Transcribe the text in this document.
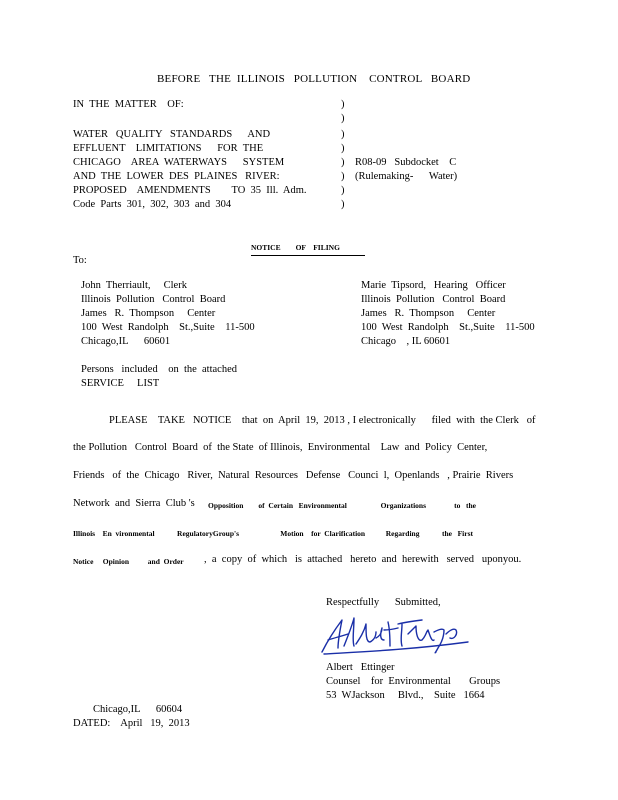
BEFORE   THE  ILLINOIS   POLLUTION    CONTROL   BOARD
IN  THE  MATTER    OF:
WATER   QUALITY   STANDARDS      AND
EFFLUENT    LIMITATIONS      FOR  THE
CHICAGO    AREA  WATERWAYS      SYSTEM
AND  THE  LOWER  DES  PLAINES   RIVER:
PROPOSED    AMENDMENTS        TO  35  Ill.  Adm.
Code  Parts  301,  302,  303  and  304
)
)
)
)
)
)
)
)
R08-09   Subdocket    C
(Rulemaking-      Water)
NOTICE        OF    FILING
To:
John  Therriault,     Clerk
Illinois  Pollution   Control  Board
James   R.  Thompson     Center
100  West  Randolph    St.,Suite    11-500
Chicago,IL      60601
Marie  Tipsord,   Hearing   Officer
Illinois  Pollution   Control  Board
James   R.  Thompson     Center
100  West  Randolph    St.,Suite    11-500
Chicago    , IL 60601
Persons   included    on  the  attached
SERVICE     LIST
PLEASE    TAKE   NOTICE    that  on  April  19,  2013 , I electronically      filed  with  the Clerk   of
the Pollution   Control  Board  of  the State  of Illinois,  Environmental    Law  and  Policy  Center,
Friends   of  the  Chicago   River,  Natural  Resources   Defense   Counci  l,  Openlands   , Prairie  Rivers
Network  and  Sierra  Club 's Opposition        of  Certain   Environmental                  Organizations               to   the
Illinois    En  vironmental            RegulatoryGroup's                      Motion    for  Clarification           Regarding            the   First
Notice     Opinion          and  Order ,  a  copy  of  which   is  attached   hereto  and  herewith   served   uponyou.
Respectfully      Submitted,
Albert Ettinger
Albert   Ettinger
Counsel    for  Environmental       Groups
53  WJackson     Blvd.,    Suite   1664
Chicago,IL      60604
DATED:    April   19,  2013
